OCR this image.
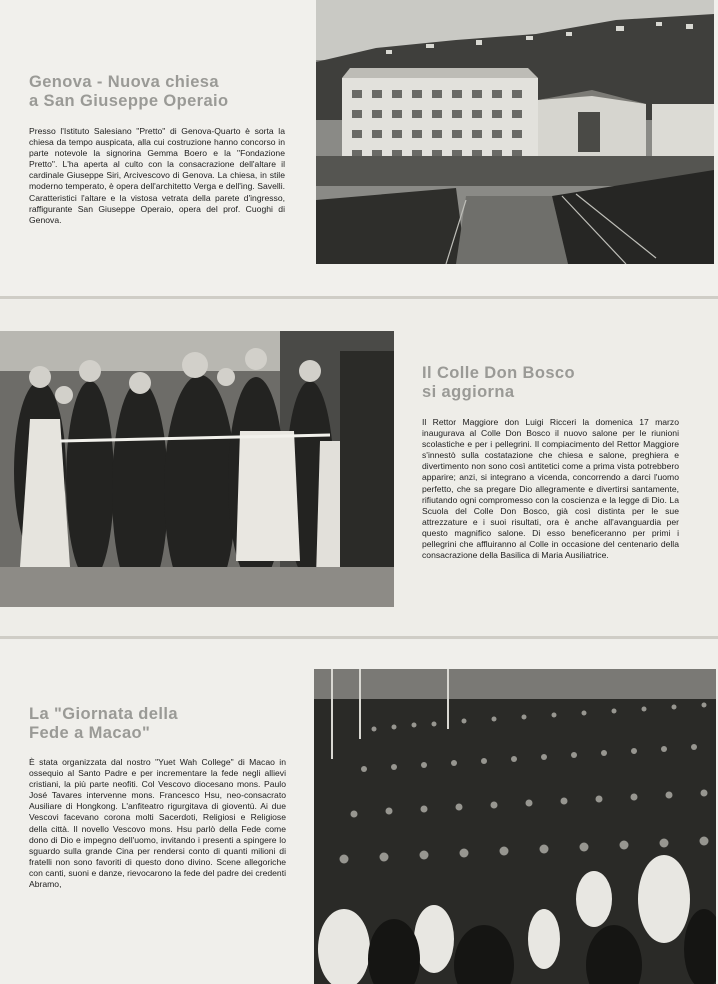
Genova - Nuova chiesa
a San Giuseppe Operaio

Presso l'Istituto Salesiano "Pretto" di Genova-Quarto è sorta la chiesa da tempo auspicata, alla cui costruzione hanno concorso in parte notevole la signorina Gemma Boero e la "Fondazione Pretto". L'ha aperta al culto con la consacrazione dell'altare il cardinale Giuseppe Siri, Arcivescovo di Genova. La chiesa, in stile moderno temperato, è opera dell'architetto Verga e dell'ing. Savelli. Caratteristici l'altare e la vistosa vetrata della parete d'ingresso, raffigurante San Giuseppe Operaio, opera del prof. Cuoghi di Genova.

Il Colle Don Bosco
si aggiorna

Il Rettor Maggiore don Luigi Ricceri la domenica 17 marzo inaugurava al Colle Don Bosco il nuovo salone per le riunioni scolastiche e per i pellegrini. Il compiacimento del Rettor Maggiore s'innestò sulla costatazione che chiesa e salone, preghiera e divertimento non sono così antitetici come a prima vista potrebbero apparire; anzi, si integrano a vicenda, concorrendo a darci l'uomo perfetto, che sa pregare Dio allegramente e divertirsi santamente, rifiutando ogni compromesso con la coscienza e la legge di Dio. La Scuola del Colle Don Bosco, già così distinta per le sue attrezzature e i suoi risultati, ora è anche all'avanguardia per questo magnifico salone. Di esso beneficeranno per primi i pellegrini che affluiranno al Colle in occasione del centenario della consacrazione della Basilica di Maria Ausiliatrice.

La "Giornata della
Fede a Macao"

È stata organizzata dal nostro "Yuet Wah College" di Macao in ossequio al Santo Padre e per incrementare la fede negli allievi cristiani, la più parte neofiti. Col Vescovo diocesano mons. Paulo José Tavares intervenne mons. Francesco Hsu, neo-consacrato Ausiliare di Hongkong. L'anfiteatro rigurgitava di gioventù. Ai due Vescovi facevano corona molti Sacerdoti, Religiosi e Religiose della città. Il novello Vescovo mons. Hsu parlò della Fede come dono di Dio e impegno dell'uomo, invitando i presenti a spingere lo sguardo sulla grande Cina per rendersi conto di quanti milioni di fratelli non sono favoriti di questo dono divino. Scene allegoriche con canti, suoni e danze, rievocarono la fede del padre dei credenti Abramo,
